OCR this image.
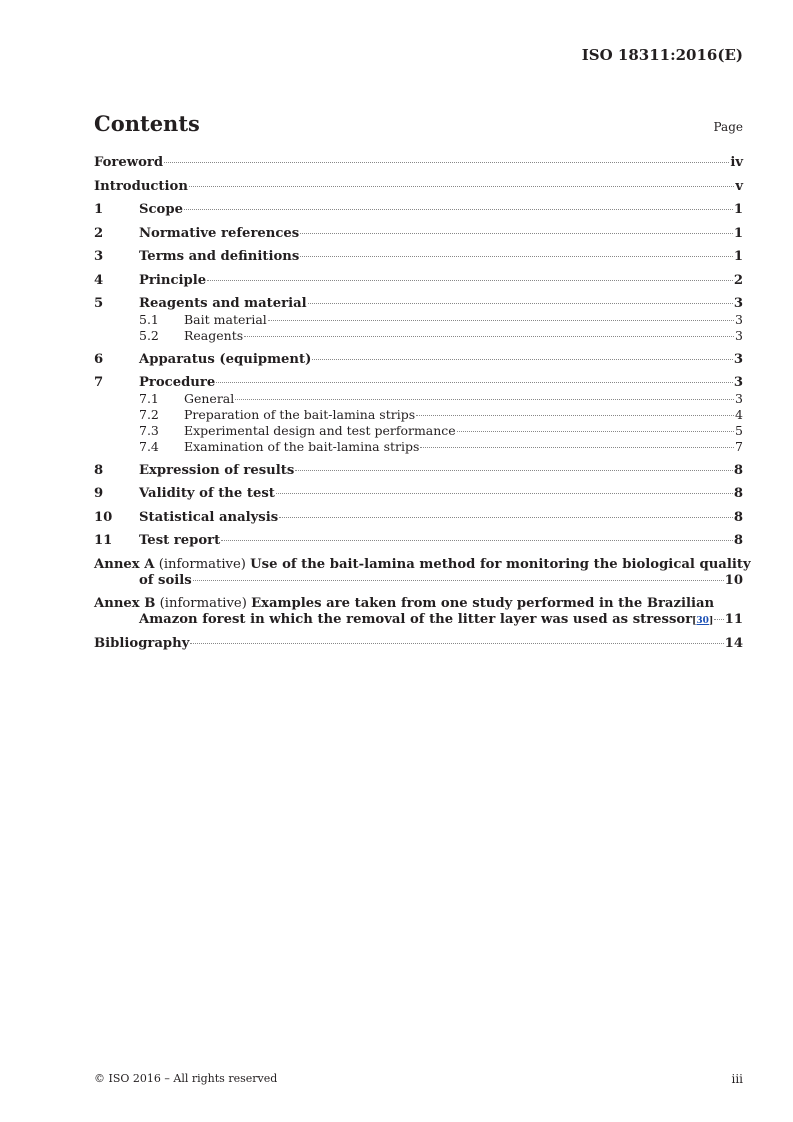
ISO 18311:2016(E)
Contents	Page
Foreword	iv
Introduction	v
1	Scope	1
2	Normative references	1
3	Terms and definitions	1
4	Principle	2
5	Reagents and material	3
5.1	Bait material	3
5.2	Reagents	3
6	Apparatus (equipment)	3
7	Procedure	3
7.1	General	3
7.2	Preparation of the bait-lamina strips	4
7.3	Experimental design and test performance	5
7.4	Examination of the bait-lamina strips	7
8	Expression of results	8
9	Validity of the test	8
10	Statistical analysis	8
11	Test report	8
Annex A (informative) Use of the bait-lamina method for monitoring the biological quality
of soils	10
Annex B (informative) Examples are taken from one study performed in the Brazilian
Amazon forest in which the removal of the litter layer was used as stressor [30] 11
Bibliography	14
© ISO 2016 – All rights reserved	iii
